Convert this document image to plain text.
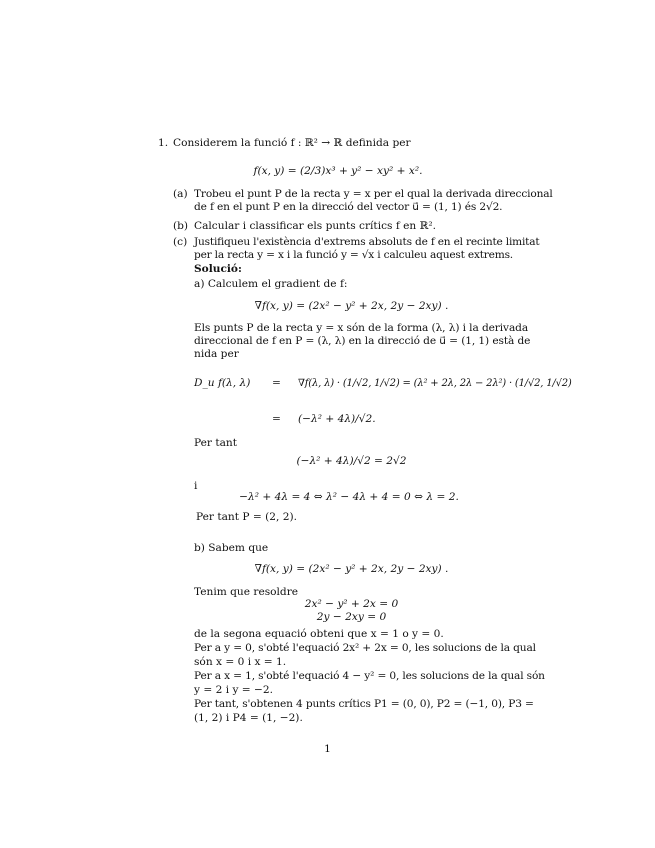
1. Considerem la funció f : ℝ² → ℝ definida per
f(x, y) = (2/3)x³ + y² − xy² + x².
(a) Trobeu el punt P de la recta y = x per el qual la derivada direccional
de f en el punt P en la direcció del vector u⃗ = (1, 1) és 2√2.
(b) Calcular i classificar els punts crítics f en ℝ².
(c) Justifiqueu l'existència d'extrems absoluts de f en el recinte limitat
per la recta y = x i la funció y = √x i calculeu aquest extrems.
Solució:
a) Calculem el gradient de f:
∇f(x, y) = (2x² − y² + 2x, 2y − 2xy) .
Els punts P de la recta y = x són de la forma (λ, λ) i la derivada
direccional de f en P = (λ, λ) en la direcció de u⃗ = (1, 1) està de
nida per
D_u f(λ, λ) = ∇f(λ, λ) · (1/√2, 1/√2) = (λ² + 2λ, 2λ − 2λ²) · (1/√2, 1/√2)
= (−λ² + 4λ)/√2.
Per tant
(−λ² + 4λ)/√2 = 2√2
i
−λ² + 4λ = 4 ⇔ λ² − 4λ + 4 = 0 ⇔ λ = 2.
Per tant P = (2, 2).
b) Sabem que
∇f(x, y) = (2x² − y² + 2x, 2y − 2xy) .
Tenim que resoldre
2x² − y² + 2x = 0
2y − 2xy = 0
de la segona equació obteni que x = 1 o y = 0.
Per a y = 0, s'obté l'equació 2x² + 2x = 0, les solucions de la qual
són x = 0 i x = 1.
Per a x = 1, s'obté l'equació 4 − y² = 0, les solucions de la qual són
y = 2 i y = −2.
Per tant, s'obtenen 4 punts crítics P1 = (0, 0), P2 = (−1, 0), P3 =
(1, 2) i P4 = (1, −2).
1
